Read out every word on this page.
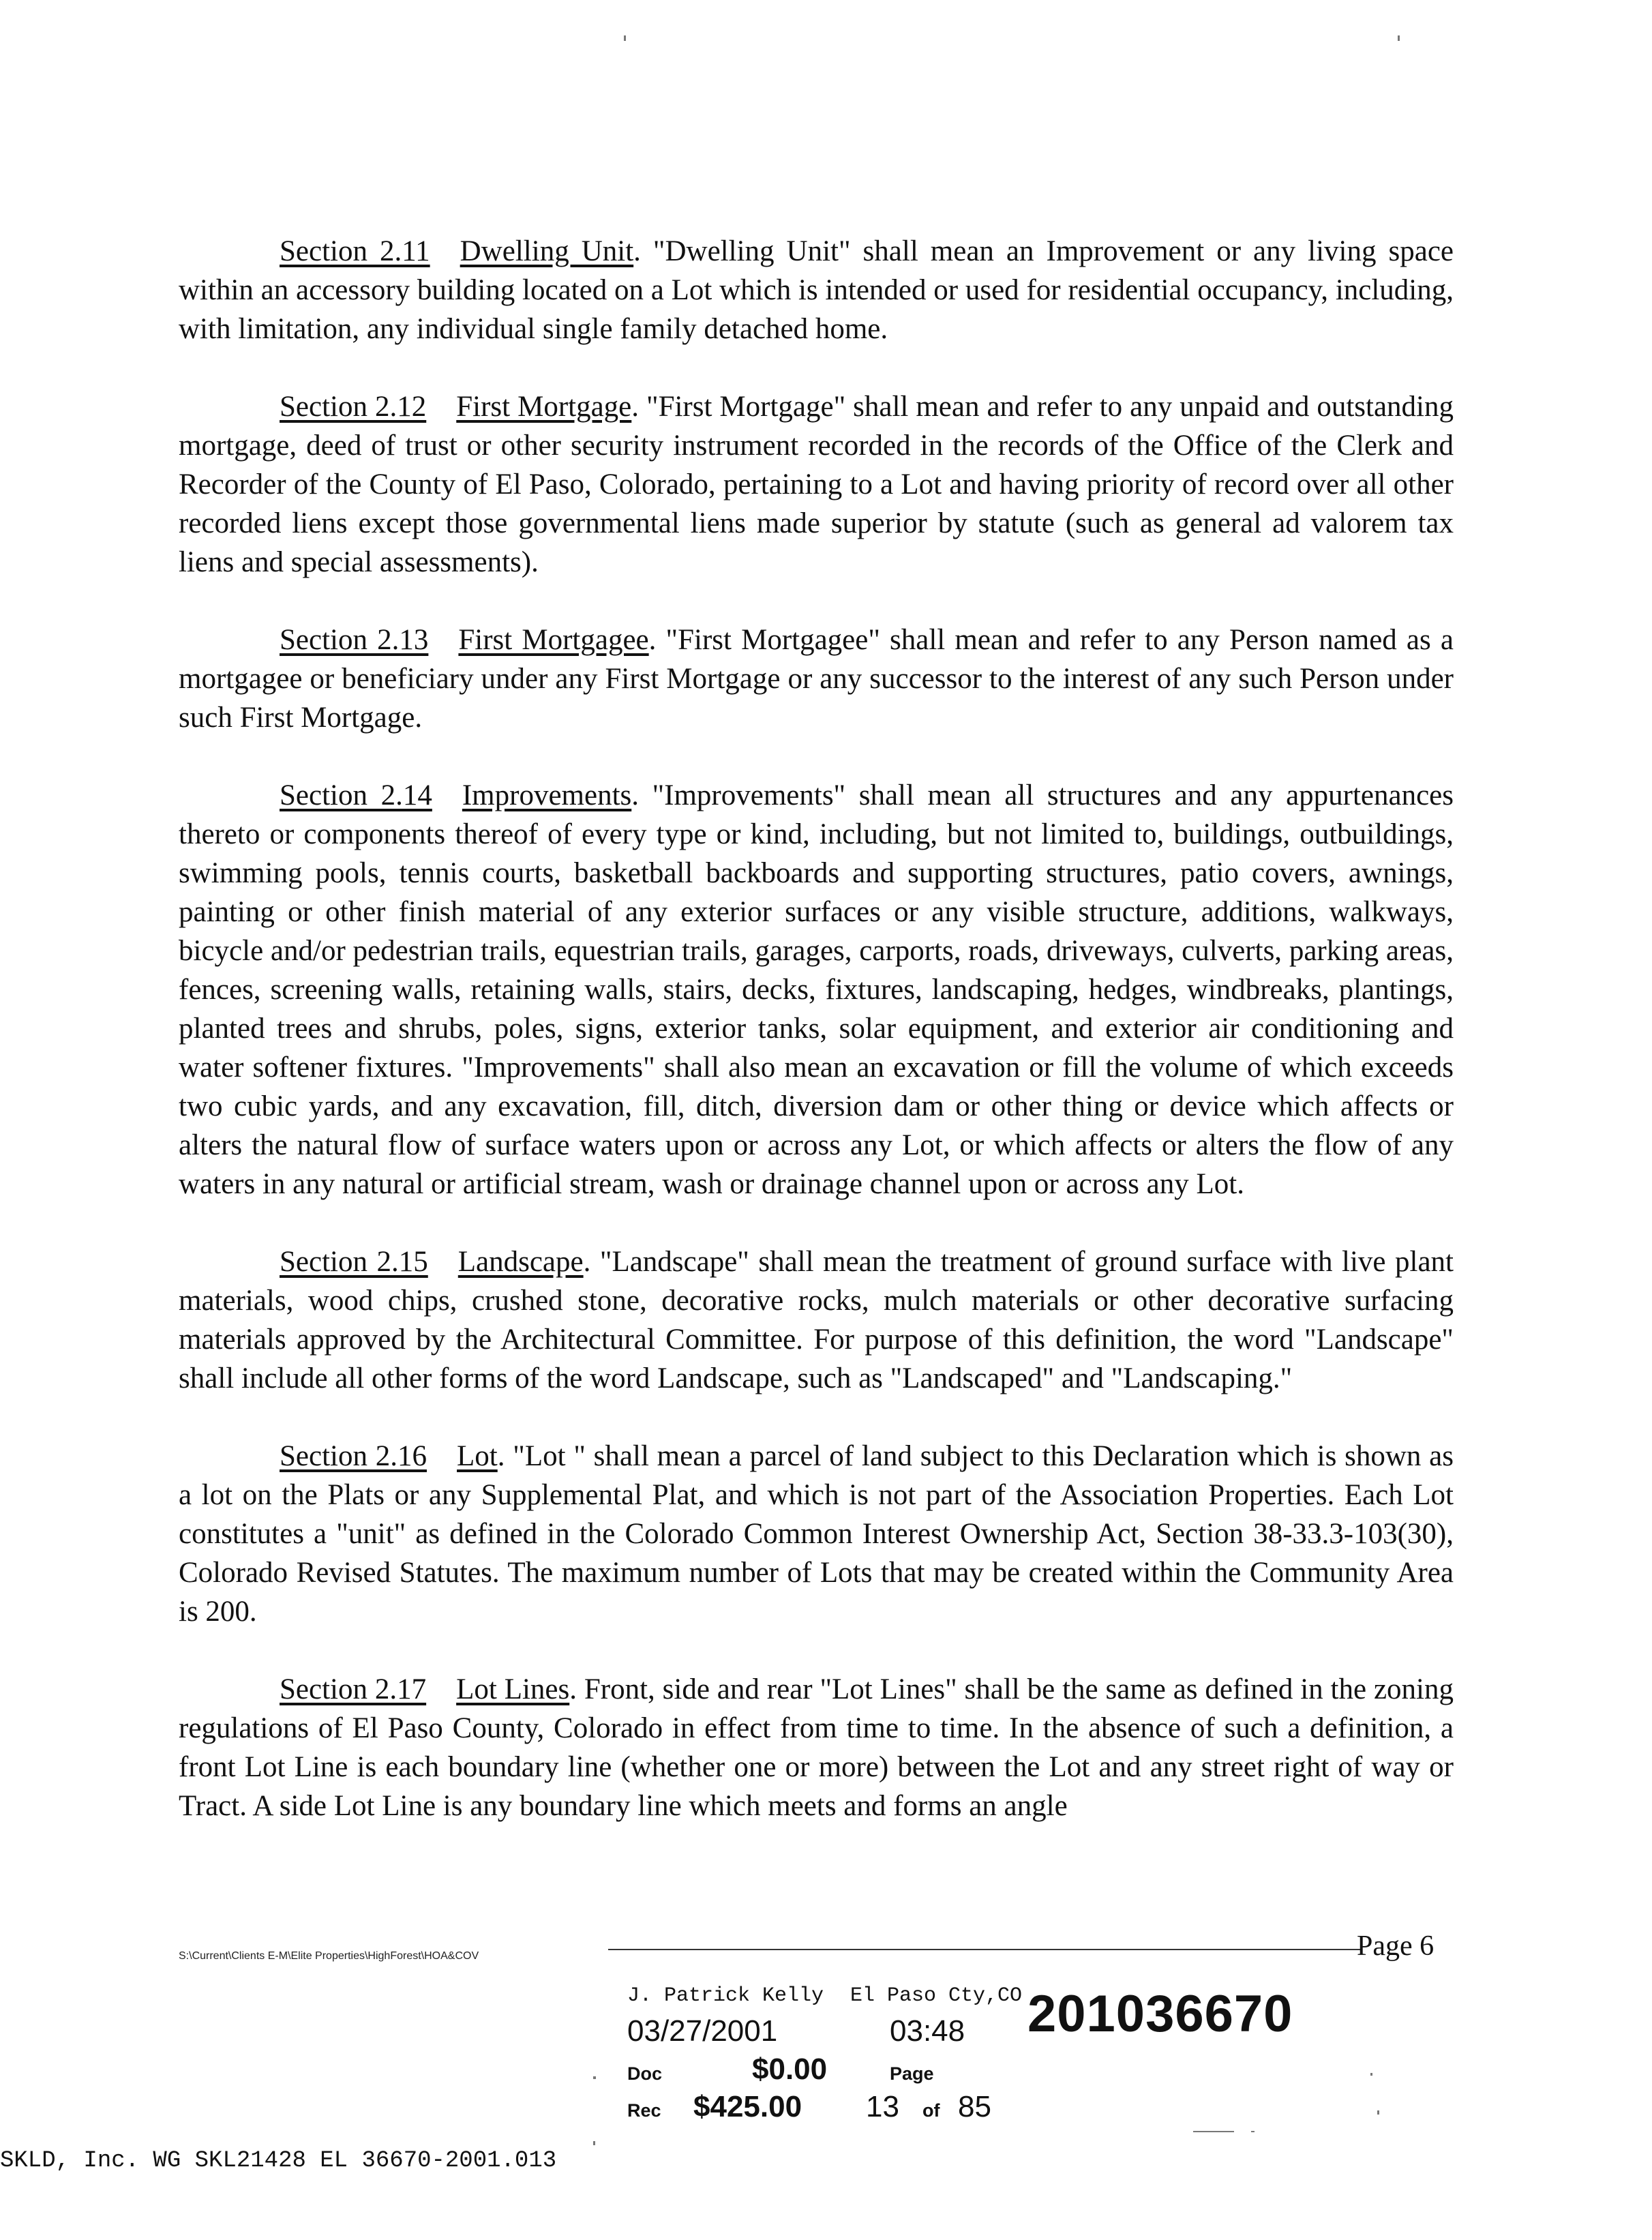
Section 2.11 Dwelling Unit. "Dwelling Unit" shall mean an Improvement or any living space within an accessory building located on a Lot which is intended or used for residential occupancy, including, with limitation, any individual single family detached home.

Section 2.12 First Mortgage. "First Mortgage" shall mean and refer to any unpaid and outstanding mortgage, deed of trust or other security instrument recorded in the records of the Office of the Clerk and Recorder of the County of El Paso, Colorado, pertaining to a Lot and having priority of record over all other recorded liens except those governmental liens made superior by statute (such as general ad valorem tax liens and special assessments).

Section 2.13 First Mortgagee. "First Mortgagee" shall mean and refer to any Person named as a mortgagee or beneficiary under any First Mortgage or any successor to the interest of any such Person under such First Mortgage.

Section 2.14 Improvements. "Improvements" shall mean all structures and any appurtenances thereto or components thereof of every type or kind, including, but not limited to, buildings, outbuildings, swimming pools, tennis courts, basketball backboards and supporting structures, patio covers, awnings, painting or other finish material of any exterior surfaces or any visible structure, additions, walkways, bicycle and/or pedestrian trails, equestrian trails, garages, carports, roads, driveways, culverts, parking areas, fences, screening walls, retaining walls, stairs, decks, fixtures, landscaping, hedges, windbreaks, plantings, planted trees and shrubs, poles, signs, exterior tanks, solar equipment, and exterior air conditioning and water softener fixtures. "Improvements" shall also mean an excavation or fill the volume of which exceeds two cubic yards, and any excavation, fill, ditch, diversion dam or other thing or device which affects or alters the natural flow of surface waters upon or across any Lot, or which affects or alters the flow of any waters in any natural or artificial stream, wash or drainage channel upon or across any Lot.

Section 2.15 Landscape. "Landscape" shall mean the treatment of ground surface with live plant materials, wood chips, crushed stone, decorative rocks, mulch materials or other decorative surfacing materials approved by the Architectural Committee. For purpose of this definition, the word "Landscape" shall include all other forms of the word Landscape, such as "Landscaped" and "Landscaping."

Section 2.16 Lot. "Lot " shall mean a parcel of land subject to this Declaration which is shown as a lot on the Plats or any Supplemental Plat, and which is not part of the Association Properties. Each Lot constitutes a "unit" as defined in the Colorado Common Interest Ownership Act, Section 38-33.3-103(30), Colorado Revised Statutes. The maximum number of Lots that may be created within the Community Area is 200.

Section 2.17 Lot Lines. Front, side and rear "Lot Lines" shall be the same as defined in the zoning regulations of El Paso County, Colorado in effect from time to time. In the absence of such a definition, a front Lot Line is each boundary line (whether one or more) between the Lot and any street right of way or Tract. A side Lot Line is any boundary line which meets and forms an angle

S:\Current\Clients E-M\Elite Properties\HighForest\HOA&COV	Page 6
J. Patrick Kelly El Paso Cty,CO 201036670
03/27/2001	03:48
Doc	$0.00	Page
Rec $425.00 13 of 85
SKLD, Inc. WG SKL21428 EL 36670-2001.013
